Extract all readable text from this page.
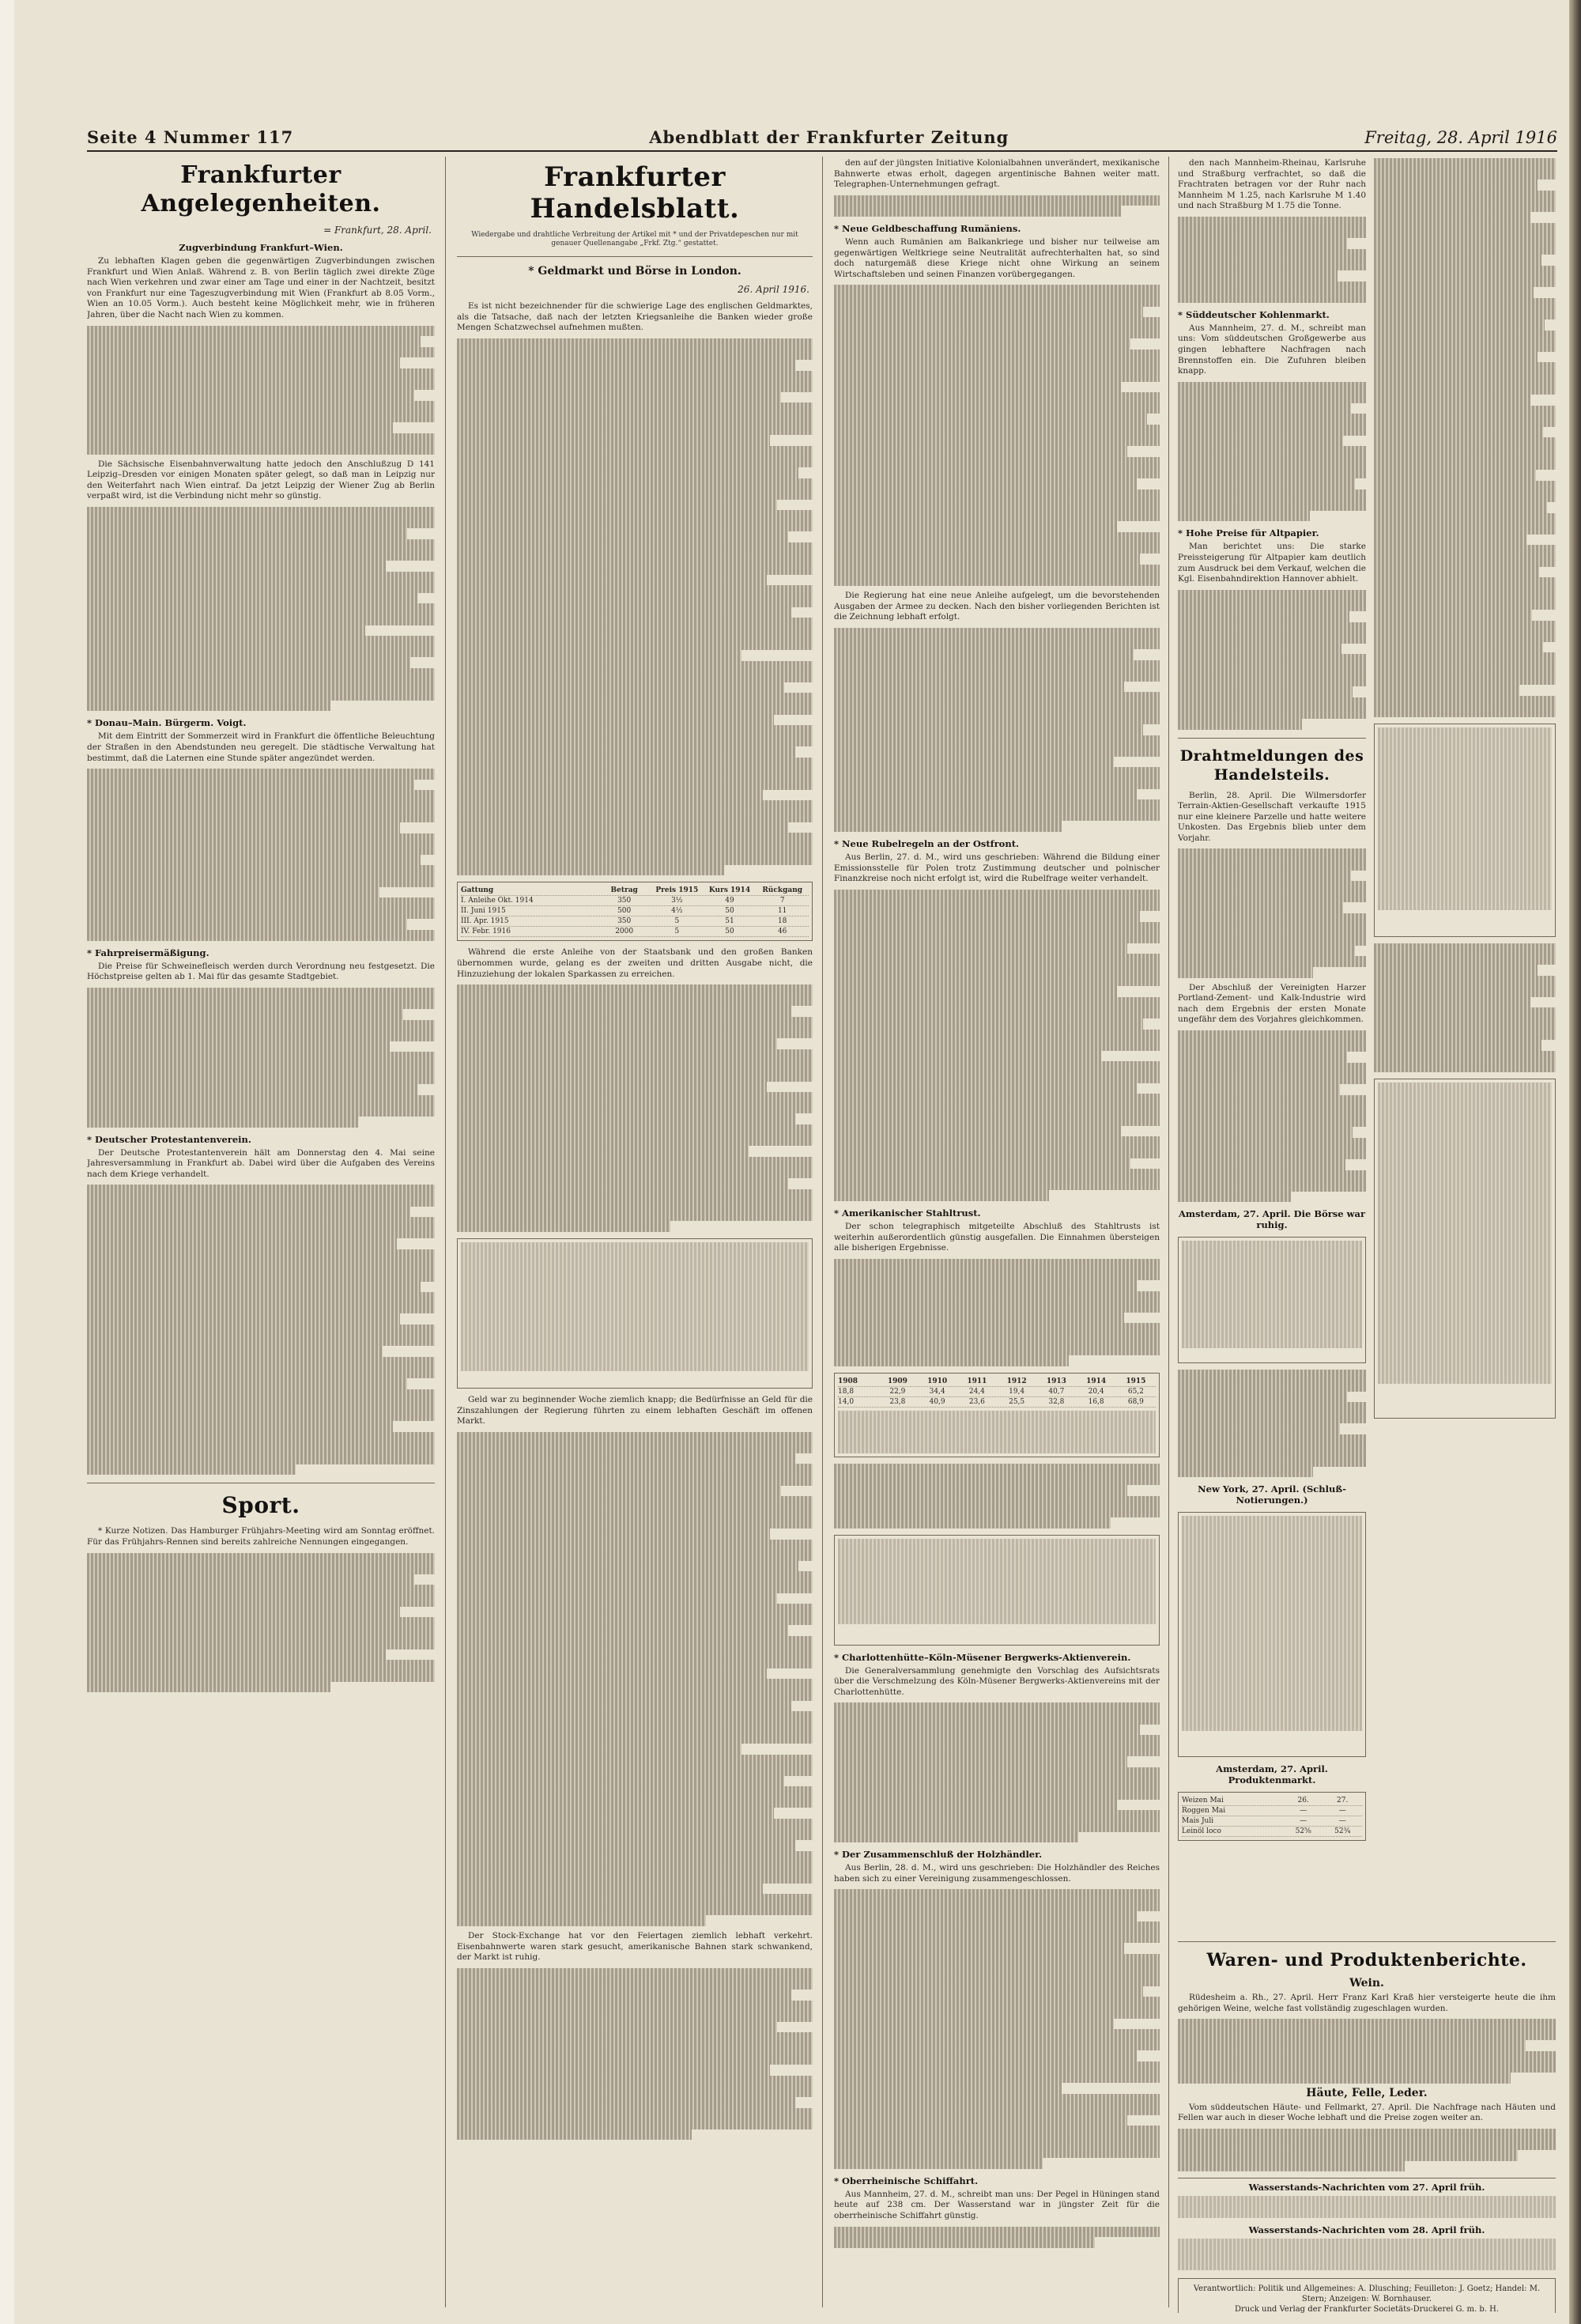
Seite 4 Nummer 117	Abendblatt der Frankfurter Zeitung	Freitag, 28. April 1916
Frankfurter Angelegenheiten.
= Frankfurt, 28. April.
Zugverbindung Frankfurt–Wien.

Zu lebhaften Klagen geben die gegenwärtigen Zugverbindungen zwischen Frankfurt und Wien Anlaß. Während z. B. von Berlin täglich zwei direkte Züge nach Wien verkehren und zwar einer am Tage und einer in der Nachtzeit, besitzt von Frankfurt nur eine Tageszugverbindung mit Wien (Frankfurt ab 8.05 Vorm., Wien an 10.05 Vorm.). Auch besteht keine Möglichkeit mehr, wie in früheren Jahren, über die Nacht nach Wien zu kommen.

Die Sächsische Eisenbahnverwaltung hatte jedoch den Anschlußzug D 141 Leipzig–Dresden vor einigen Monaten später gelegt, so daß man in Leipzig nur den Weiterfahrt nach Wien eintraf. Da jetzt Leipzig der Wiener Zug ab Berlin verpaßt wird, ist die Verbindung nicht mehr so günstig.

* Donau–Main. Bürgerm. Voigt.

Mit dem Eintritt der Sommerzeit wird in Frankfurt die öffentliche Beleuchtung der Straßen in den Abendstunden neu geregelt. Die städtische Verwaltung hat bestimmt, daß die Laternen eine Stunde später angezündet werden.

* Fahrpreisermäßigung.

Die Preise für Schweinefleisch werden durch Verordnung neu festgesetzt. Die Höchstpreise gelten ab 1. Mai für das gesamte Stadtgebiet.

* Deutscher Protestantenverein.

Der Deutsche Protestantenverein hält am Donnerstag den 4. Mai seine Jahresversammlung in Frankfurt ab. Dabei wird über die Aufgaben des Vereins nach dem Kriege verhandelt.

Sport.

* Kurze Notizen. Das Hamburger Frühjahrs-Meeting wird am Sonntag eröffnet. Für das Frühjahrs-Rennen sind bereits zahlreiche Nennungen eingegangen.

Frankfurter Handelsblatt.
Wiedergabe und drahtliche Verbreitung der Artikel mit * und der Privatdepeschen nur mit genauer Quellenangabe „Frkf. Ztg.“ gestattet.
* Geldmarkt und Börse in London.
26. April 1916.

Es ist nicht bezeichnender für die schwierige Lage des englischen Geldmarktes, als die Tatsache, daß nach der letzten Kriegsanleihe die Banken wieder große Mengen Schatzwechsel aufnehmen mußten.

Gattung	Betrag	Preis 1915	Kurs 1914	Rückgang
I. Anleihe Okt. 1914	350	3½	49	7
II. Juni 1915	500	4½	50	11
III. Apr. 1915	350	5	51	18
IV. Febr. 1916	2000	5	50	46

Während die erste Anleihe von der Staatsbank und den großen Banken übernommen wurde, gelang es der zweiten und dritten Ausgabe nicht, die Hinzuziehung der lokalen Sparkassen zu erreichen.

Geld war zu beginnender Woche ziemlich knapp; die Bedürfnisse an Geld für die Zinszahlungen der Regierung führten zu einem lebhaften Geschäft im offenen Markt.

Der Stock-Exchange hat vor den Feiertagen ziemlich lebhaft verkehrt. Eisenbahnwerte waren stark gesucht, amerikanische Bahnen stark schwankend, der Markt ist ruhig.

den auf der jüngsten Initiative Kolonialbahnen unverändert, mexikanische Bahnwerte etwas erholt, dagegen argentinische Bahnen weiter matt. Telegraphen-Unternehmungen gefragt.

* Neue Geldbeschaffung Rumäniens.

Wenn auch Rumänien am Balkankriege und bisher nur teilweise am gegenwärtigen Weltkriege seine Neutralität aufrechterhalten hat, so sind doch naturgemäß diese Kriege nicht ohne Wirkung an seinem Wirtschaftsleben und seinen Finanzen vorübergegangen.

Die Regierung hat eine neue Anleihe aufgelegt, um die bevorstehenden Ausgaben der Armee zu decken. Nach den bisher vorliegenden Berichten ist die Zeichnung lebhaft erfolgt.

* Neue Rubelregeln an der Ostfront.

Aus Berlin, 27. d. M., wird uns geschrieben: Während die Bildung einer Emissionsstelle für Polen trotz Zustimmung deutscher und polnischer Finanzkreise noch nicht erfolgt ist, wird die Rubelfrage weiter verhandelt.

* Amerikanischer Stahltrust.

Der schon telegraphisch mitgeteilte Abschluß des Stahltrusts ist weiterhin außerordentlich günstig ausgefallen. Die Einnahmen übersteigen alle bisherigen Ergebnisse.

1908	1909	1910	1911	1912	1913	1914	1915
18,8	22,9	34,4	24,4	19,4	40,7	20,4	65,2
14,0	23,8	40,9	23,6	25,5	32,8	16,8	68,9
* Charlottenhütte–Köln-Müsener Bergwerks-Aktienverein.

Die Generalversammlung genehmigte den Vorschlag des Aufsichtsrats über die Verschmelzung des Köln-Müsener Bergwerks-Aktienvereins mit der Charlottenhütte.

* Der Zusammenschluß der Holzhändler.

Aus Berlin, 28. d. M., wird uns geschrieben: Die Holzhändler des Reiches haben sich zu einer Vereinigung zusammengeschlossen.

* Oberrheinische Schiffahrt.

Aus Mannheim, 27. d. M., schreibt man uns: Der Pegel in Hüningen stand heute auf 238 cm. Der Wasserstand war in jüngster Zeit für die oberrheinische Schiffahrt günstig.

den nach Mannheim-Rheinau, Karlsruhe und Straßburg verfrachtet, so daß die Frachtraten betragen vor der Ruhr nach Mannheim M 1.25, nach Karlsruhe M 1.40 und nach Straßburg M 1.75 die Tonne.

* Süddeutscher Kohlenmarkt.

Aus Mannheim, 27. d. M., schreibt man uns: Vom süddeutschen Großgewerbe aus gingen lebhaftere Nachfragen nach Brennstoffen ein. Die Zufuhren bleiben knapp.

* Hohe Preise für Altpapier.

Man berichtet uns: Die starke Preissteigerung für Altpapier kam deutlich zum Ausdruck bei dem Verkauf, welchen die Kgl. Eisenbahndirektion Hannover abhielt.

Drahtmeldungen des Handelsteils.

Berlin, 28. April. Die Wilmersdorfer Terrain-Aktien-Gesellschaft verkaufte 1915 nur eine kleinere Parzelle und hatte weitere Unkosten. Das Ergebnis blieb unter dem Vorjahr.

Der Abschluß der Vereinigten Harzer Portland-Zement- und Kalk-Industrie wird nach dem Ergebnis der ersten Monate ungefähr dem des Vorjahres gleichkommen.

Amsterdam, 27. April. Die Börse war ruhig.
New York, 27. April. (Schluß-Notierungen.)
Amsterdam, 27. April. Produktenmarkt.
Weizen Mai	26.	27.
Roggen Mai	—	—
Mais Juli	—	—
Leinöl loco	52⅝	52¾
Waren- und Produktenberichte.
Wein.

Rüdesheim a. Rh., 27. April. Herr Franz Karl Kraß hier versteigerte heute die ihm gehörigen Weine, welche fast vollständig zugeschlagen wurden.

Häute, Felle, Leder.

Vom süddeutschen Häute- und Fellmarkt, 27. April. Die Nachfrage nach Häuten und Fellen war auch in dieser Woche lebhaft und die Preise zogen weiter an.

Wasserstands-Nachrichten vom 27. April früh.
Wasserstands-Nachrichten vom 28. April früh.
Verantwortlich: Politik und Allgemeines: A. Dlusching; Feuilleton: J. Goetz; Handel: M. Stern; Anzeigen: W. Bornhauser.
Druck und Verlag der Frankfurter Societäts-Druckerei G. m. b. H.
